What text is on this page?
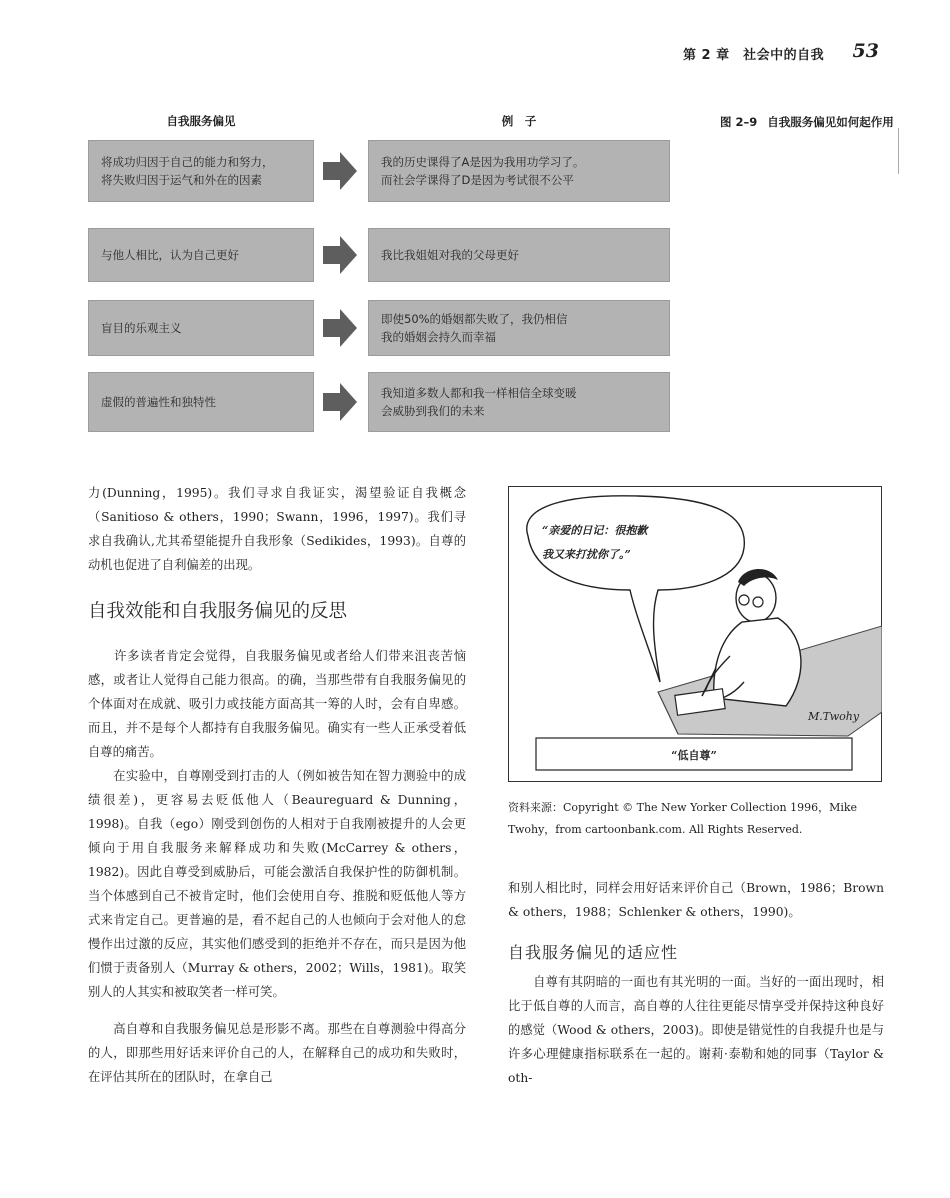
第 2 章　社会中的自我 53
自我服务偏见	例　子
将成功归因于自己的能力和努力，
将失败归因于运气和外在的因素
我的历史课得了A是因为我用功学习了。
而社会学课得了D是因为考试很不公平
与他人相比，认为自己更好	我比我姐姐对我的父母更好
盲目的乐观主义
即使50%的婚姻都失败了，我仍相信
我的婚姻会持久而幸福
虚假的普遍性和独特性
我知道多数人都和我一样相信全球变暖
会威胁到我们的未来
图 2–9 自我服务偏见如何起作用
力(Dunning，1995)。我们寻求自我证实，渴望验证自我概念（Sanitioso & others，1990；Swann，1996，1997)。我们寻求自我确认,尤其希望能提升自我形象（Sedikides，1993)。自尊的动机也促进了自利偏差的出现。
自我效能和自我服务偏见的反思
　　许多读者肯定会觉得，自我服务偏见或者给人们带来沮丧苦恼感，或者让人觉得自己能力很高。的确，当那些带有自我服务偏见的个体面对在成就、吸引力或技能方面高其一筹的人时，会有自卑感。而且，并不是每个人都持有自我服务偏见。确实有一些人正承受着低自尊的痛苦。
　　在实验中，自尊刚受到打击的人（例如被告知在智力测验中的成绩很差)，更容易去贬低他人（Beaureguard & Dunning，1998)。自我（ego）刚受到创伤的人相对于自我刚被提升的人会更倾向于用自我服务来解释成功和失败(McCarrey & others，1982)。因此自尊受到威胁后，可能会激活自我保护性的防御机制。当个体感到自己不被肯定时，他们会使用自夸、推脱和贬低他人等方式来肯定自己。更普遍的是，看不起自己的人也倾向于会对他人的怠慢作出过激的反应，其实他们感受到的拒绝并不存在，而只是因为他们惯于责备别人（Murray & others，2002；Wills，1981)。取笑别人的人其实和被取笑者一样可笑。
　　高自尊和自我服务偏见总是形影不离。那些在自尊测验中得高分的人，即那些用好话来评价自己的人，在解释自己的成功和失败时，在评估其所在的团队时，在拿自己
“亲爱的日记：很抱歉
我又来打扰你了。”
M.Twohy
“低自尊”
资料来源：Copyright © The New Yorker Collection 1996，Mike Twohy，from cartoonbank.com. All Rights Reserved.
和别人相比时，同样会用好话来评价自己（Brown，1986；Brown & others，1988；Schlenker & others，1990)。
自我服务偏见的适应性
　　自尊有其阴暗的一面也有其光明的一面。当好的一面出现时，相比于低自尊的人而言，高自尊的人往往更能尽情享受并保持这种良好的感觉（Wood & others，2003)。即使是错觉性的自我提升也是与许多心理健康指标联系在一起的。谢莉·泰勒和她的同事（Taylor & oth-
